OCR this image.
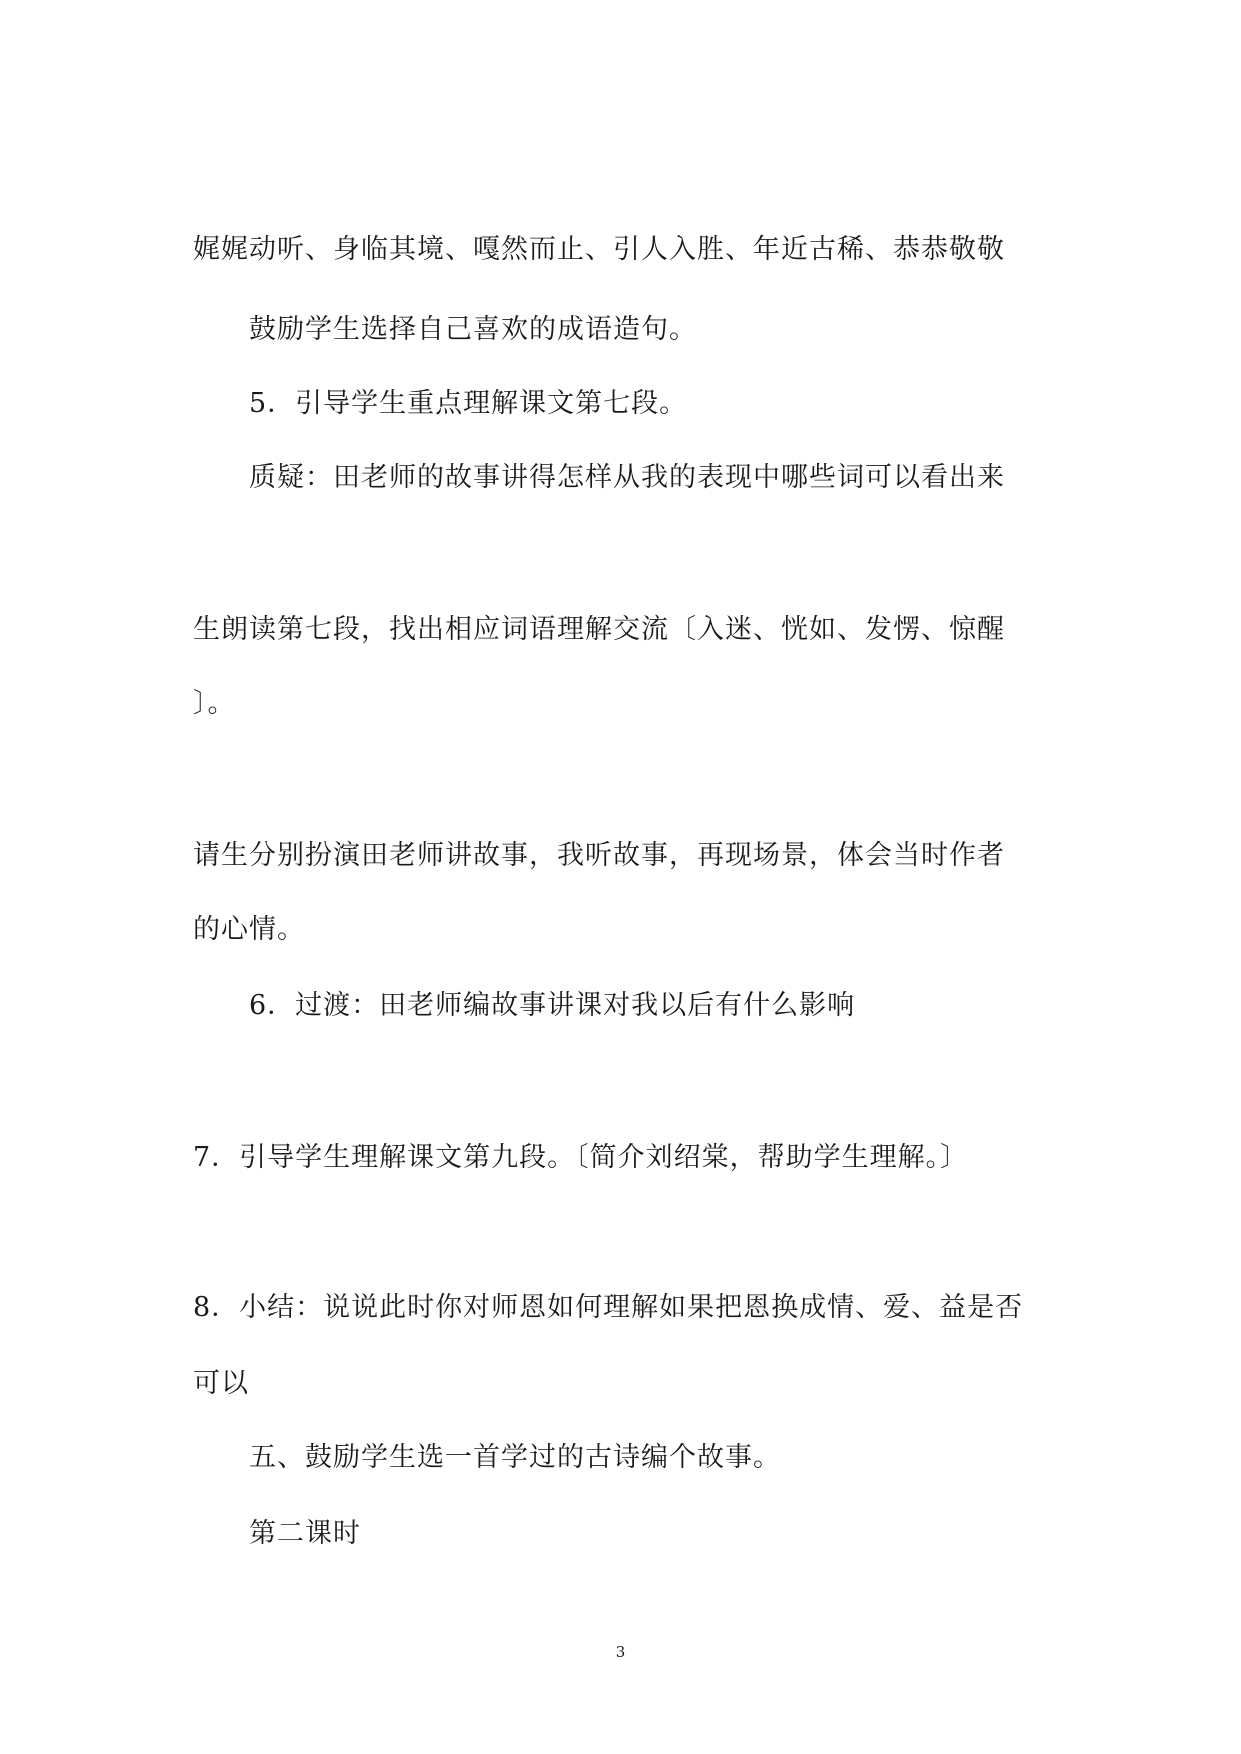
娓娓动听、身临其境、嘎然而止、引人入胜、年近古稀、恭恭敬敬
鼓励学生选择自己喜欢的成语造句。
5．引导学生重点理解课文第七段。
质疑：田老师的故事讲得怎样从我的表现中哪些词可以看出来
生朗读第七段，找出相应词语理解交流〔入迷、恍如、发愣、惊醒
〕。
请生分别扮演田老师讲故事，我听故事，再现场景，体会当时作者
的心情。
6．过渡：田老师编故事讲课对我以后有什么影响
7．引导学生理解课文第九段。〔简介刘绍棠，帮助学生理解。〕
8．小结：说说此时你对师恩如何理解如果把恩换成情、爱、益是否
可以
五、鼓励学生选一首学过的古诗编个故事。
第二课时
3
